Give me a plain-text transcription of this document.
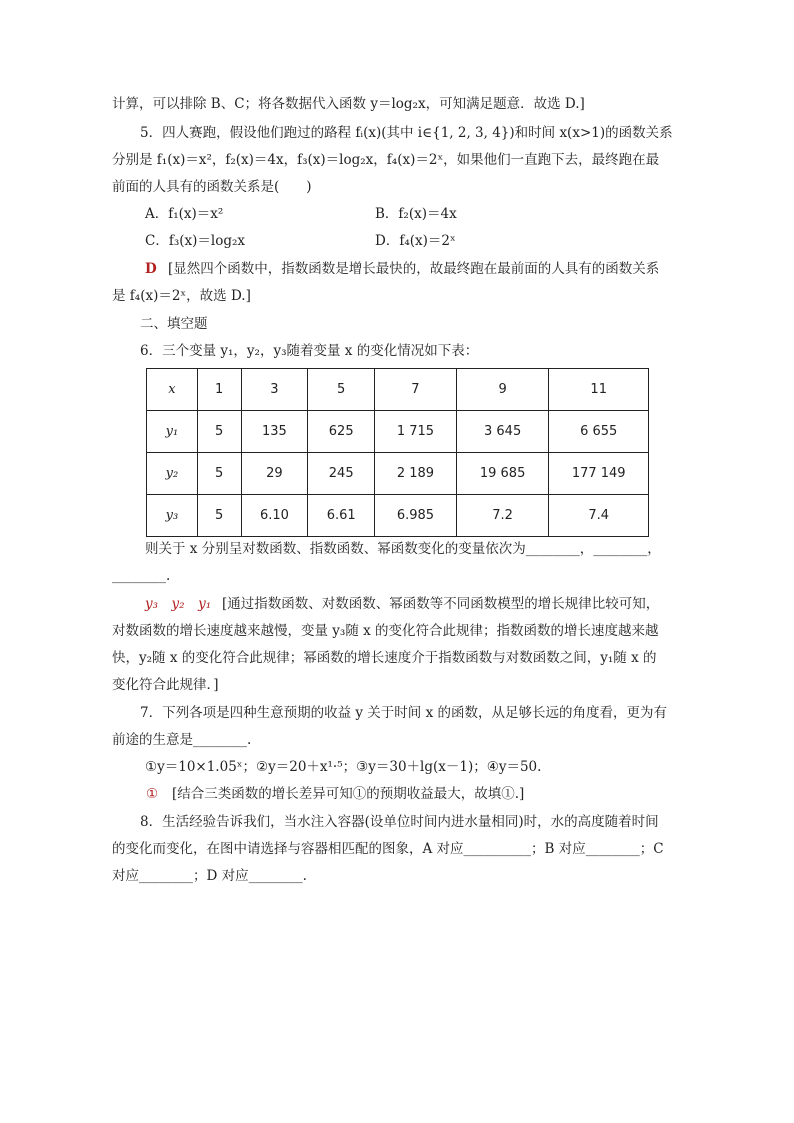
计算，可以排除 B、C；将各数据代入函数 y＝log₂x，可知满足题意．故选 D.]
5．四人赛跑，假设他们跑过的路程 fᵢ(x)(其中 i∈{1, 2, 3, 4})和时间 x(x>1)的函数关系
分别是 f₁(x)＝x²，f₂(x)＝4x，f₃(x)＝log₂x，f₄(x)＝2ˣ，如果他们一直跑下去，最终跑在最
前面的人具有的函数关系是(　　)
A．f₁(x)＝x²	B．f₂(x)＝4x
C．f₃(x)＝log₂x	D．f₄(x)＝2ˣ
D [显然四个函数中，指数函数是增长最快的，故最终跑在最前面的人具有的函数关系
是 f₄(x)＝2ˣ，故选 D.]
二、填空题
6．三个变量 y₁，y₂，y₃随着变量 x 的变化情况如下表：
x	1	3	5	7	9	11
y₁	5	135	625	1 715	3 645	6 655
y₂	5	29	245	2 189	19 685	177 149
y₃	5	6.10	6.61	6.985	7.2	7.4
则关于 x 分别呈对数函数、指数函数、幂函数变化的变量依次为________，________，
________.
y₃　y₂　y₁ [通过指数函数、对数函数、幂函数等不同函数模型的增长规律比较可知，
对数函数的增长速度越来越慢，变量 y₃随 x 的变化符合此规律；指数函数的增长速度越来越
快，y₂随 x 的变化符合此规律；幂函数的增长速度介于指数函数与对数函数之间，y₁随 x 的
变化符合此规律．]
7．下列各项是四种生意预期的收益 y 关于时间 x 的函数，从足够长远的角度看，更为有
前途的生意是________.
①y＝10×1.05ˣ；②y＝20＋x¹·⁵；③y＝30＋lg(x－1)；④y＝50.
① [结合三类函数的增长差异可知①的预期收益最大，故填①.]
8．生活经验告诉我们，当水注入容器(设单位时间内进水量相同)时，水的高度随着时间
的变化而变化，在图中请选择与容器相匹配的图象，A 对应__________；B 对应________；C
对应________；D 对应________.
